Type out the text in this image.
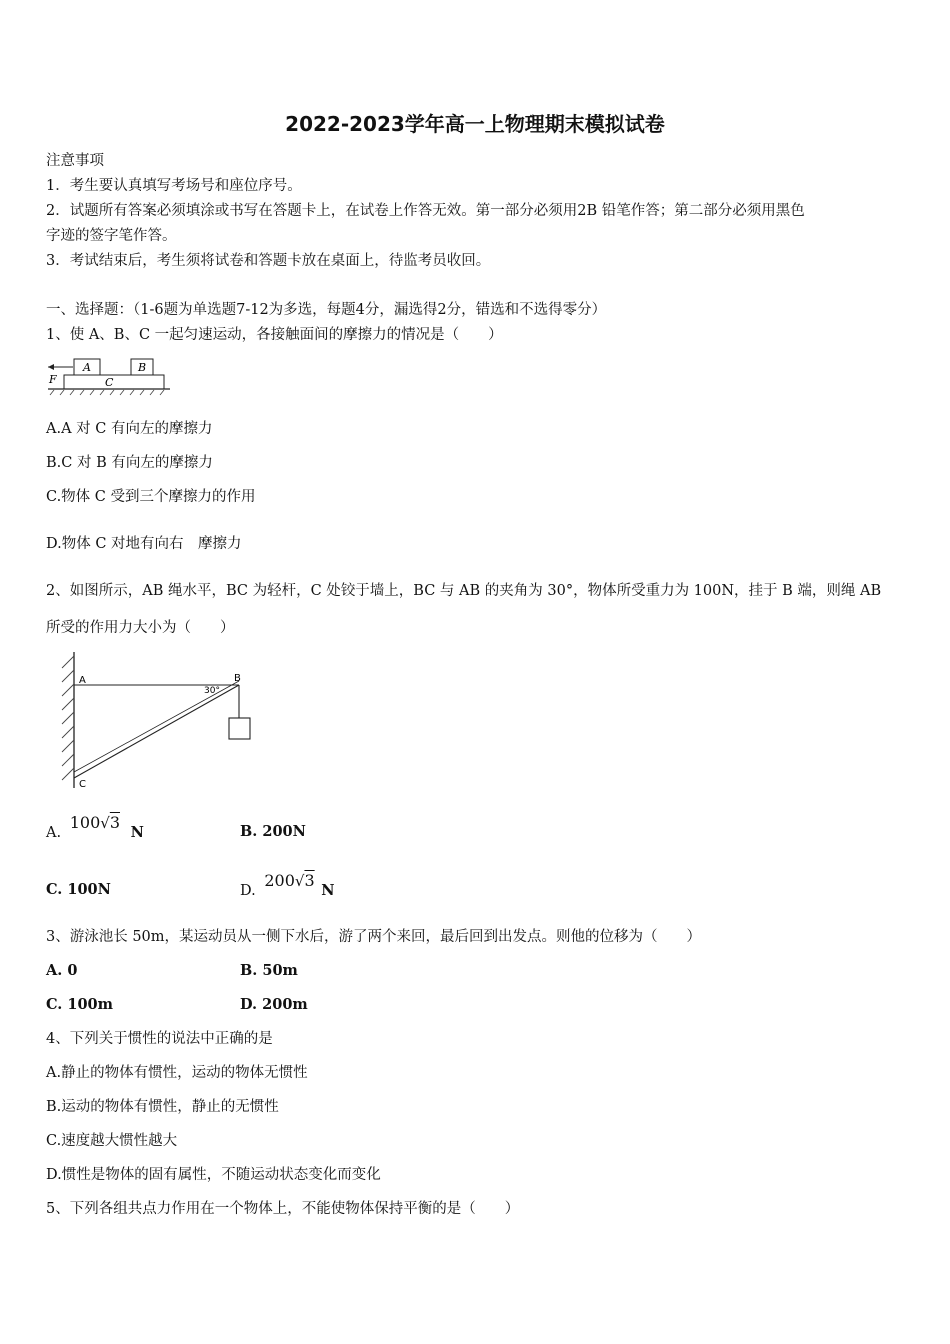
2022-2023学年高一上物理期末模拟试卷
注意事项
1．考生要认真填写考场号和座位序号。
2．试题所有答案必须填涂或书写在答题卡上，在试卷上作答无效。第一部分必须用2B 铅笔作答；第二部分必须用黑色
字迹的签字笔作答。
3．考试结束后，考生须将试卷和答题卡放在桌面上，待监考员收回。
一、选择题：（1-6题为单选题7-12为多选，每题4分，漏选得2分，错选和不选得零分）
1、使 A、B、C 一起匀速运动，各接触面间的摩擦力的情况是（　　）
F
A	B
C
A.A 对 C 有向左的摩擦力
B.C 对 B 有向左的摩擦力
C.物体 C 受到三个摩擦力的作用
D.物体 C 对地有向右　摩擦力
2、如图所示，AB 绳水平，BC 为轻杆，C 处铰于墙上，BC 与 AB 的夹角为 30°，物体所受重力为 100N，挂于 B 端，则绳 AB
所受的作用力大小为（　　）
A	B
30°
C
A. 100√3 N	B. 200N
C. 100N	D. 200√3 N
3、游泳池长 50m，某运动员从一侧下水后，游了两个来回，最后回到出发点。则他的位移为（　　）
A. 0	B. 50m
C. 100m	D. 200m
4、下列关于惯性的说法中正确的是
A.静止的物体有惯性，运动的物体无惯性
B.运动的物体有惯性，静止的无惯性
C.速度越大惯性越大
D.惯性是物体的固有属性，不随运动状态变化而变化
5、下列各组共点力作用在一个物体上，不能使物体保持平衡的是（　　）
